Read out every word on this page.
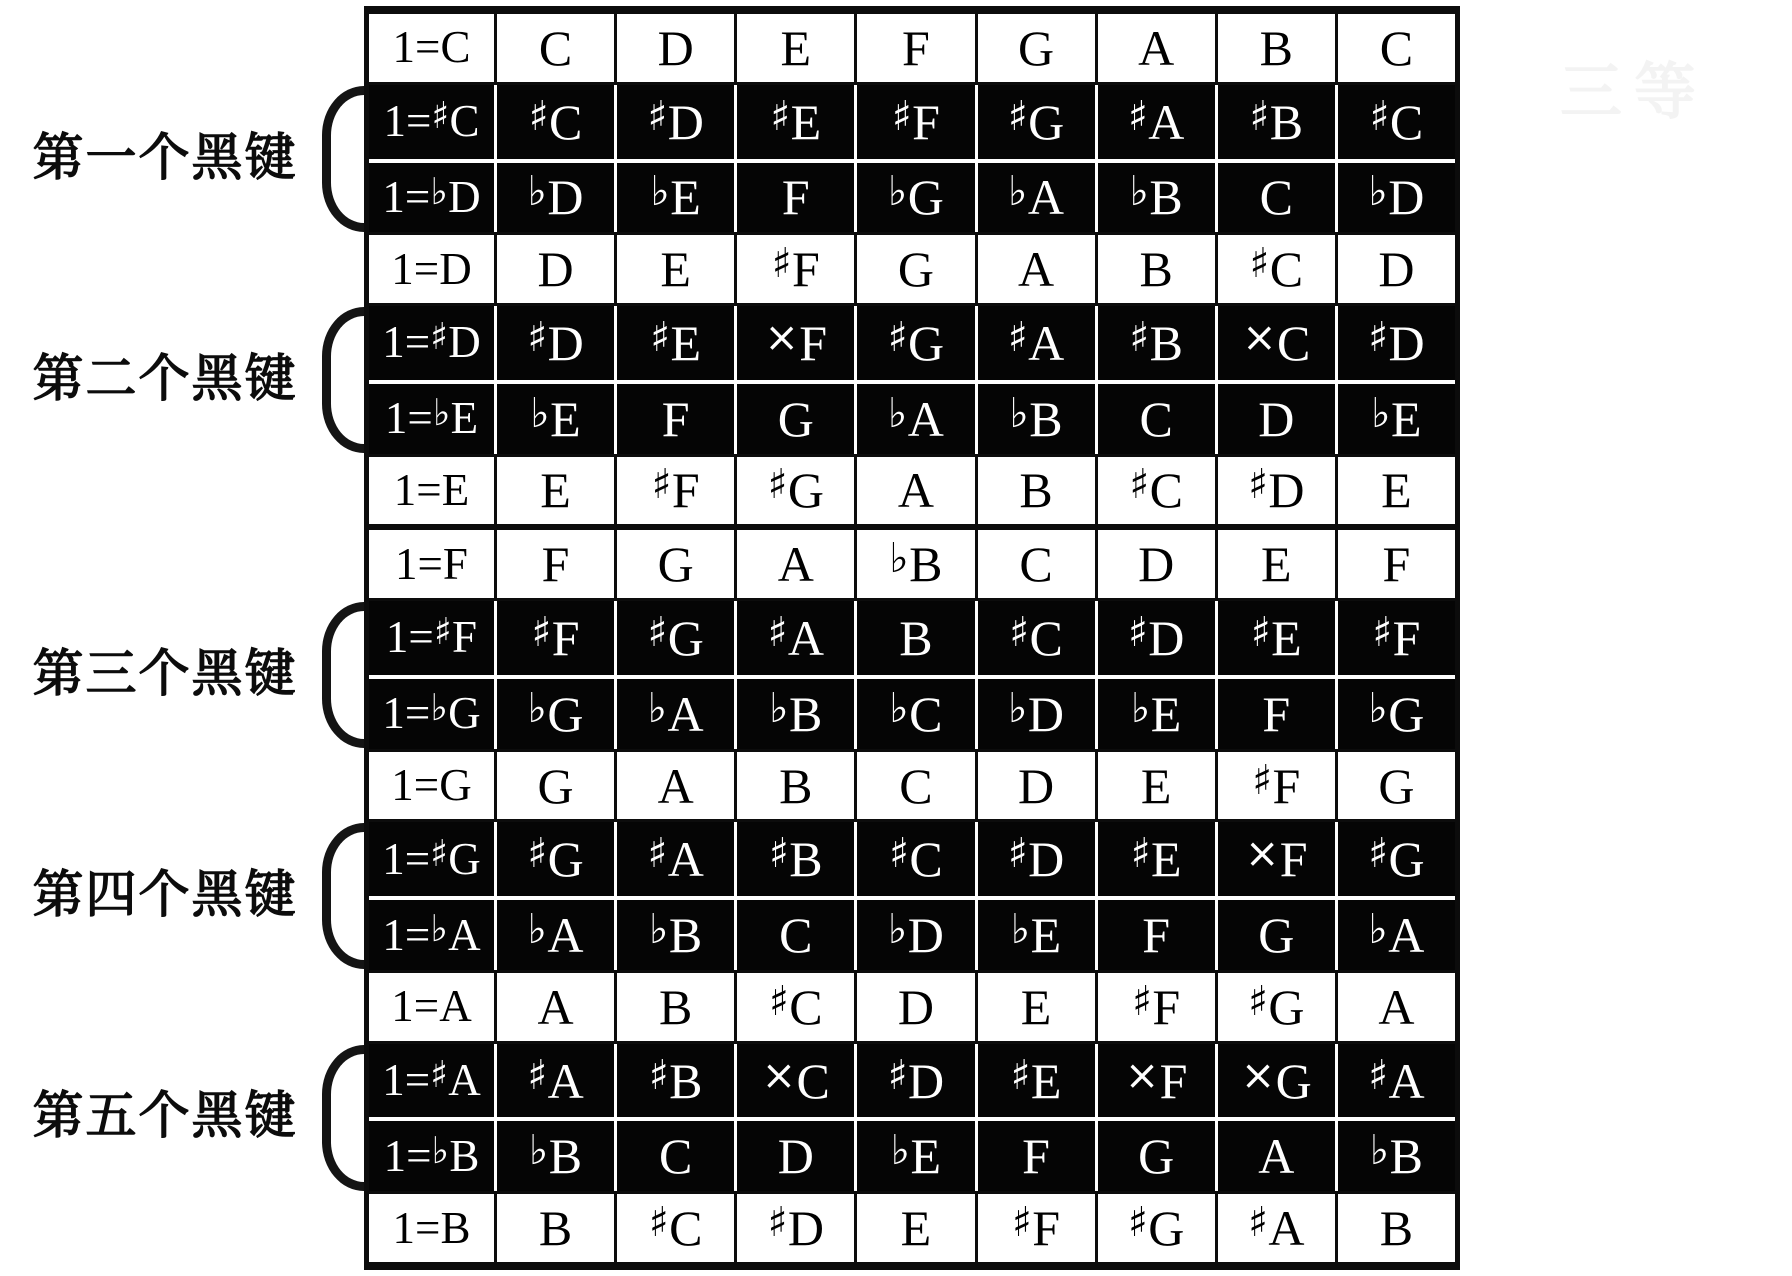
1=C C D E F G A B C
1=♯C ♯C ♯D ♯E ♯F ♯G ♯A ♯B ♯C
1=♭D ♭D ♭E F ♭G ♭A ♭B C ♭D
1=D D E ♯F G A B ♯C D
1=♯D ♯D ♯E ×F ♯G ♯A ♯B ×C ♯D
1=♭E ♭E F G ♭A ♭B C D ♭E
1=E E ♯F ♯G A B ♯C ♯D E
1=F F G A ♭B C D E F
1=♯F ♯F ♯G ♯A B ♯C ♯D ♯E ♯F
1=♭G ♭G ♭A ♭B ♭C ♭D ♭E F ♭G
1=G G A B C D E ♯F G
1=♯G ♯G ♯A ♯B ♯C ♯D ♯E ×F ♯G
1=♭A ♭A ♭B C ♭D ♭E F G ♭A
1=A A B ♯C D E ♯F ♯G A
1=♯A ♯A ♯B ×C ♯D ♯E ×F ×G ♯A
1=♭B ♭B C D ♭E F G A ♭B
1=B B ♯C ♯D E ♯F ♯G ♯A B
第一个黑键
第二个黑键
第三个黑键
第四个黑键
第五个黑键
